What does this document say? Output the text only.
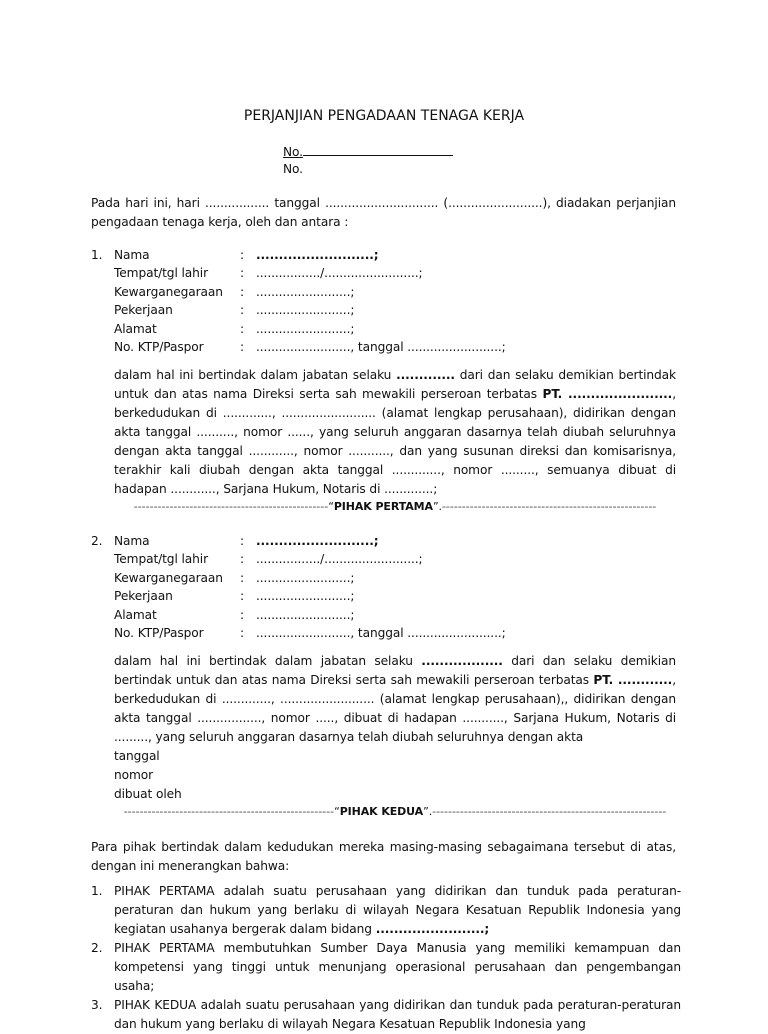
PERJANJIAN PENGADAAN TENAGA KERJA
No.
No.
Pada hari ini, hari ................. tanggal .............................. (.........................), diadakan perjanjian pengadaan tenaga kerja, oleh dan antara :
1. Nama	: ..........................;
Tempat/tgl lahir	: ................./.........................;
Kewarganegaraan : .........................;
Pekerjaan	: .........................;
Alamat	: .........................;
No. KTP/Paspor	: ........................., tanggal .........................;
dalam hal ini bertindak dalam jabatan selaku ............. dari dan selaku demikian bertindak untuk dan atas nama Direksi serta sah mewakili perseroan terbatas PT. ......................., berkedudukan di ............., ......................... (alamat lengkap perusahaan), didirikan dengan akta tanggal .........., nomor ......, yang seluruh anggaran dasarnya telah diubah seluruhnya dengan akta tanggal ............, nomor ..........., dan yang susunan direksi dan komisarisnya, terakhir kali diubah dengan akta tanggal ............., nomor ........., semuanya dibuat di hadapan ............, Sarjana Hukum, Notaris di .............;
-------------------------------------------------“PIHAK PERTAMA”.------------------------------------------------------
2. Nama	: ..........................;
Tempat/tgl lahir	: ................./.........................;
Kewarganegaraan : .........................;
Pekerjaan	: .........................;
Alamat	: .........................;
No. KTP/Paspor	: ........................., tanggal .........................;
dalam hal ini bertindak dalam jabatan selaku .................. dari dan selaku demikian bertindak untuk dan atas nama Direksi serta sah mewakili perseroan terbatas PT. ............, berkedudukan di ............., ......................... (alamat lengkap perusahaan),, didirikan dengan akta tanggal ................., nomor ....., dibuat di hadapan ..........., Sarjana Hukum, Notaris di ........., yang seluruh anggaran dasarnya telah diubah seluruhnya dengan akta
tanggal
nomor
dibuat oleh
-----------------------------------------------------“PIHAK KEDUA”.-----------------------------------------------------------
Para pihak bertindak dalam kedudukan mereka masing-masing sebagaimana tersebut di atas, dengan ini menerangkan bahwa:
1. PIHAK PERTAMA adalah suatu perusahaan yang didirikan dan tunduk pada peraturan-peraturan dan hukum yang berlaku di wilayah Negara Kesatuan Republik Indonesia yang kegiatan usahanya bergerak dalam bidang ........................;
2. PIHAK PERTAMA membutuhkan Sumber Daya Manusia yang memiliki kemampuan dan kompetensi yang tinggi untuk menunjang operasional perusahaan dan pengembangan usaha;
3. PIHAK KEDUA adalah suatu perusahaan yang didirikan dan tunduk pada peraturan-peraturan dan hukum yang berlaku di wilayah Negara Kesatuan Republik Indonesia yang
